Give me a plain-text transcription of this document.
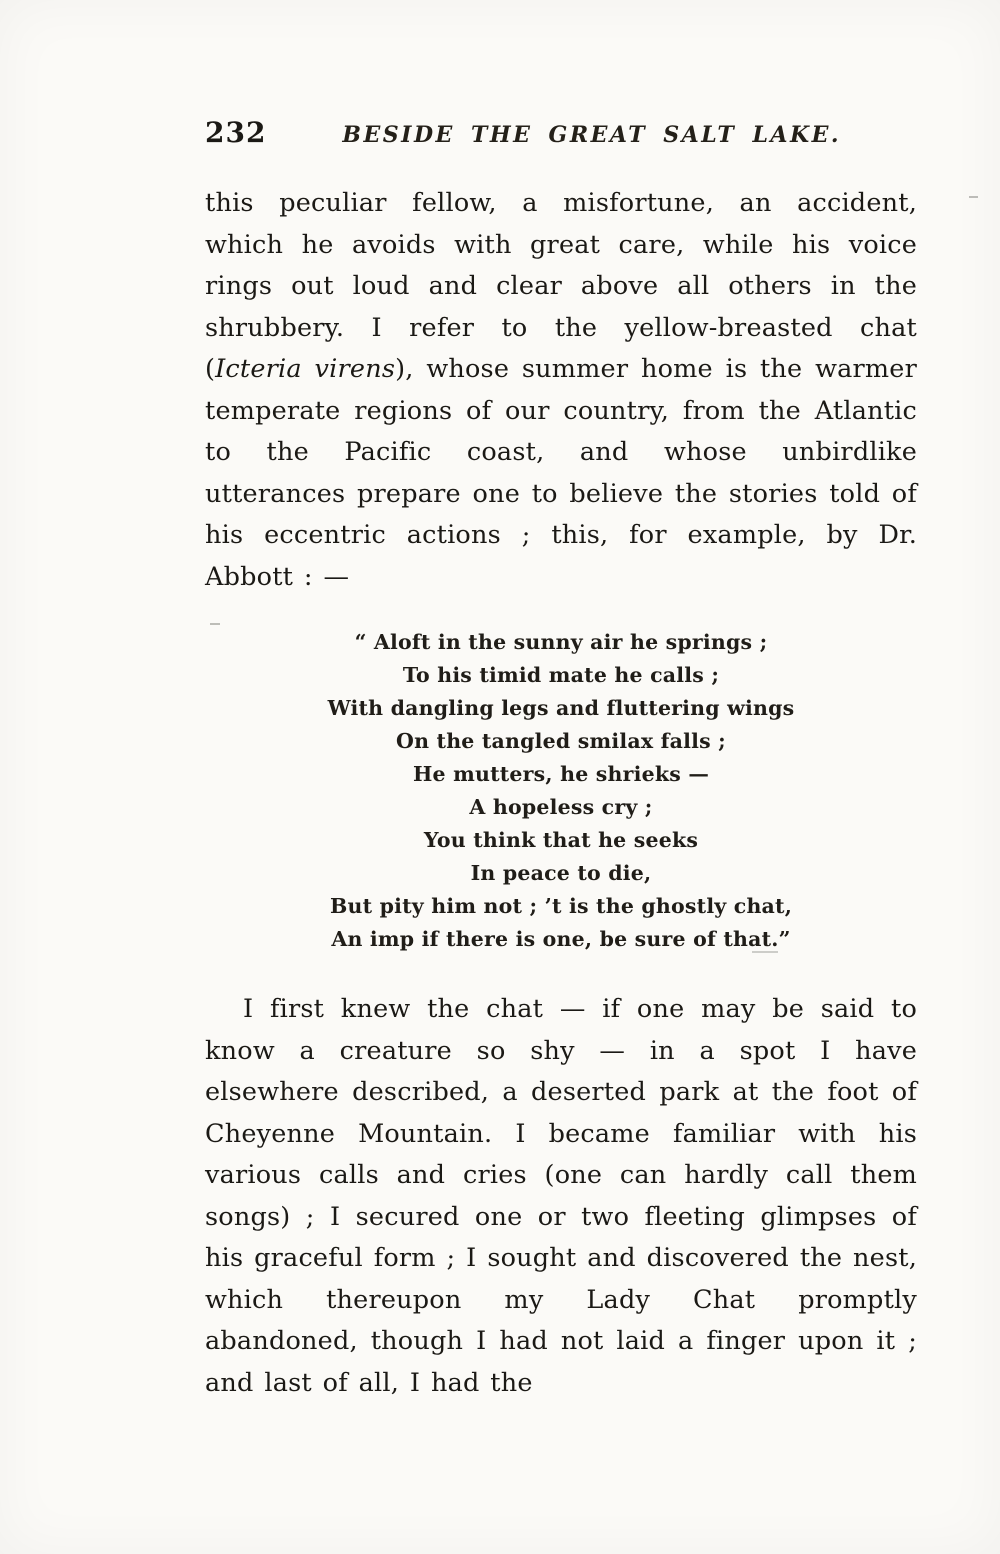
232	BESIDE THE GREAT SALT LAKE.

this peculiar fellow, a misfortune, an accident, which he avoids with great care, while his voice rings out loud and clear above all others in the shrubbery. I refer to the yellow-breasted chat (Icteria virens), whose summer home is the warmer temperate regions of our country, from the Atlantic to the Pacific coast, and whose unbirdlike utterances prepare one to believe the stories told of his eccentric actions ; this, for example, by Dr. Abbott : —

“ Aloft in the sunny air he springs ;
To his timid mate he calls ;
With dangling legs and fluttering wings
On the tangled smilax falls ;
He mutters, he shrieks —
A hopeless cry ;
You think that he seeks
In peace to die,
But pity him not ; ’t is the ghostly chat,
An imp if there is one, be sure of that.”

I first knew the chat — if one may be said to know a creature so shy — in a spot I have elsewhere described, a deserted park at the foot of Cheyenne Mountain. I became familiar with his various calls and cries (one can hardly call them songs) ; I secured one or two fleeting glimpses of his graceful form ; I sought and discovered the nest, which thereupon my Lady Chat promptly abandoned, though I had not laid a finger upon it ; and last of all, I had the
